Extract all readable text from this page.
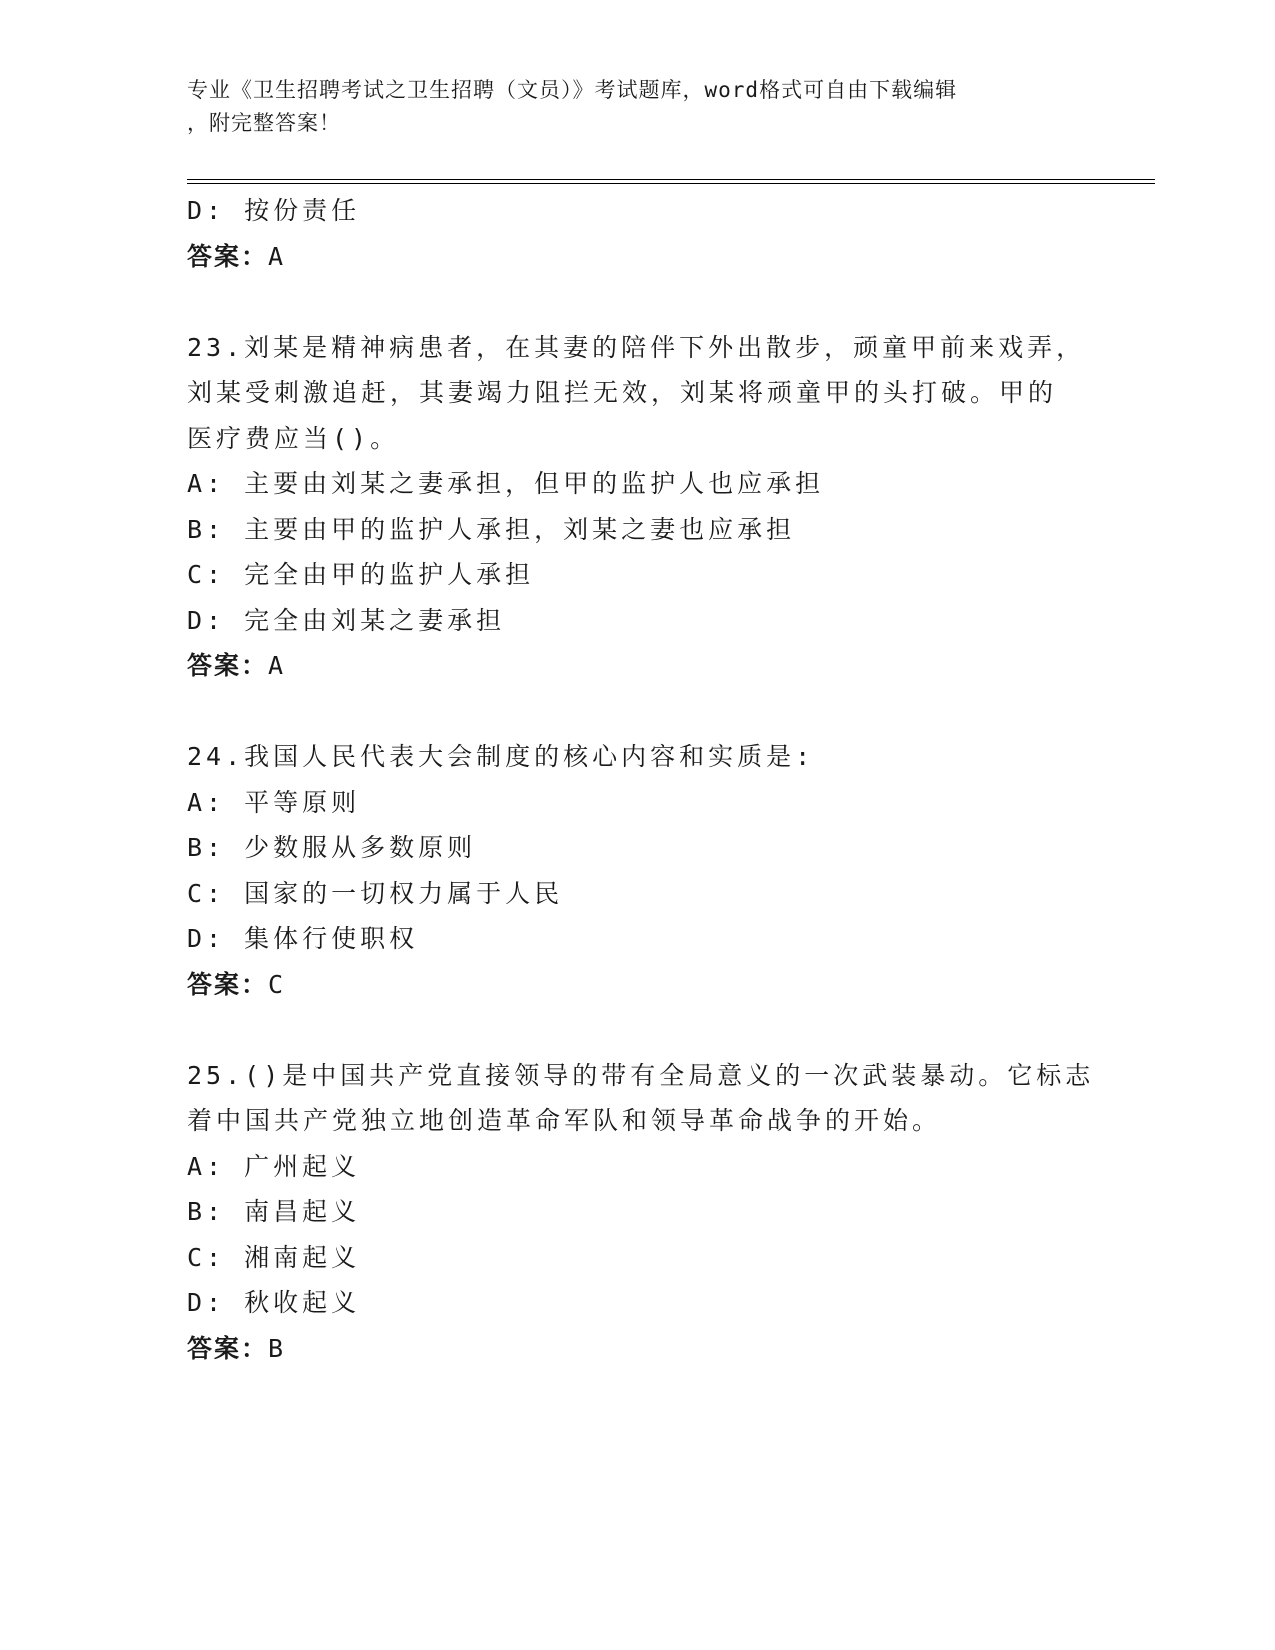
专业《卫生招聘考试之卫生招聘（文员）》考试题库，word格式可自由下载编辑
，附完整答案！
D: 按份责任
答案：A
23.刘某是精神病患者，在其妻的陪伴下外出散步，顽童甲前来戏弄，
刘某受刺激追赶，其妻竭力阻拦无效，刘某将顽童甲的头打破。甲的
医疗费应当()。
A: 主要由刘某之妻承担，但甲的监护人也应承担
B: 主要由甲的监护人承担，刘某之妻也应承担
C: 完全由甲的监护人承担
D: 完全由刘某之妻承担
答案：A
24.我国人民代表大会制度的核心内容和实质是:
A: 平等原则
B: 少数服从多数原则
C: 国家的一切权力属于人民
D: 集体行使职权
答案：C
25.()是中国共产党直接领导的带有全局意义的一次武装暴动。它标志
着中国共产党独立地创造革命军队和领导革命战争的开始。
A: 广州起义
B: 南昌起义
C: 湘南起义
D: 秋收起义
答案：B
